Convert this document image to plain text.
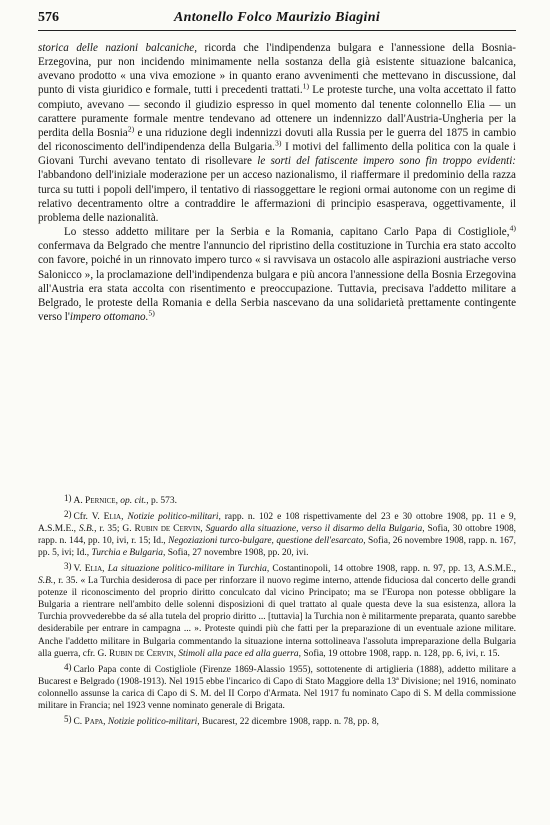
576	Antonello Folco Maurizio Biagini

storica delle nazioni balcaniche, ricorda che l'indipendenza bulgara e l'annessione della Bosnia-Erzegovina, pur non incidendo minimamente nella sostanza della già esistente situazione balcanica, avevano prodotto « una viva emozione » in quanto erano avvenimenti che mettevano in discussione, dal punto di vista giuridico e formale, tutti i precedenti trattati.$^{1)}$ Le proteste turche, una volta accettato il fatto compiuto, avevano — secondo il giudizio espresso in quel momento dal tenente colonnello Elia — un carattere puramente formale mentre tendevano ad ottenere un indennizzo dall'Austria-Ungheria per la perdita della Bosnia$^{2)}$ e una riduzione degli indennizzi dovuti alla Russia per le guerra del 1875 in cambio del riconoscimento dell'indipendenza della Bulgaria.$^{3)}$ I motivi del fallimento della politica con la quale i Giovani Turchi avevano tentato di risollevare le sorti del fatiscente impero sono fin troppo evidenti: l'abbandono dell'iniziale moderazione per un acceso nazionalismo, il riaffermare il predominio della razza turca su tutti i popoli dell'impero, il tentativo di riassoggettare le regioni ormai autonome con un regime di relativo decentramento oltre a contraddire le affermazioni di principio esasperava, oggettivamente, il problema delle nazionalità.

Lo stesso addetto militare per la Serbia e la Romania, capitano Carlo Papa di Costigliole,$^{4)}$ confermava da Belgrado che mentre l'annuncio del ripristino della costituzione in Turchia era stato accolto con favore, poiché in un rinnovato impero turco « si ravvisava un ostacolo alle aspirazioni austriache verso Salonicco », la proclamazione dell'indipendenza bulgara e più ancora l'annessione della Bosnia Erzegovina all'Austria era stata accolta con risentimento e preoccupazione. Tuttavia, precisava l'addetto militare a Belgrado, le proteste della Romania e della Serbia nascevano da una solidarietà prettamente contingente verso l'impero ottomano.$^{5)}$

1) A. Pernice, op. cit., p. 573.

2) Cfr. V. Elia, Notizie politico-militari, rapp. n. 102 e 108 rispettivamente del 23 e 30 ottobre 1908, pp. 11 e 9, A.S.M.E., S.B., r. 35; G. Rubin de Cervin, Sguardo alla situazione, verso il disarmo della Bulgaria, Sofia, 30 ottobre 1908, rapp. n. 144, pp. 10, ivi, r. 15; Id., Negoziazioni turco-bulgare, questione dell'esarcato, Sofia, 26 novembre 1908, rapp. n. 167, pp. 5, ivi; Id., Turchia e Bulgaria, Sofia, 27 novembre 1908, pp. 20, ivi.

3) V. Elia, La situazione politico-militare in Turchia, Costantinopoli, 14 ottobre 1908, rapp. n. 97, pp. 13, A.S.M.E., S.B., r. 35. « La Turchia desiderosa di pace per rinforzare il nuovo regime interno, attende fiduciosa dal concerto delle grandi potenze il riconoscimento del proprio diritto conculcato dal vicino Principato; ma se l'Europa non potesse obbligare la Bulgaria a rientrare nell'ambito delle solenni disposizioni di quel trattato al quale questa deve la sua esistenza, allora la Turchia provvederebbe da sé alla tutela del proprio diritto ... [tuttavia] la Turchia non è militarmente preparata, quanto sarebbe desiderabile per entrare in campagna ... ». Proteste quindi più che fatti per la preparazione di un eventuale azione militare. Anche l'addetto militare in Bulgaria commentando la situazione interna sottolineava l'assoluta impreparazione della Bulgaria alla guerra, cfr. G. Rubin de Cervin, Stimoli alla pace ed alla guerra, Sofia, 19 ottobre 1908, rapp. n. 128, pp. 6, ivi, r. 15.

4) Carlo Papa conte di Costigliole (Firenze 1869-Alassio 1955), sottotenente di artiglieria (1888), addetto militare a Bucarest e Belgrado (1908-1913). Nel 1915 ebbe l'incarico di Capo di Stato Maggiore della 13ª Divisione; nel 1916, nominato colonnello assunse la carica di Capo di S. M. del II Corpo d'Armata. Nel 1917 fu nominato Capo di S. M della commissione militare in Francia; nel 1923 venne nominato generale di Brigata.

5) C. Papa, Notizie politico-militari, Bucarest, 22 dicembre 1908, rapp. n. 78, pp. 8,
